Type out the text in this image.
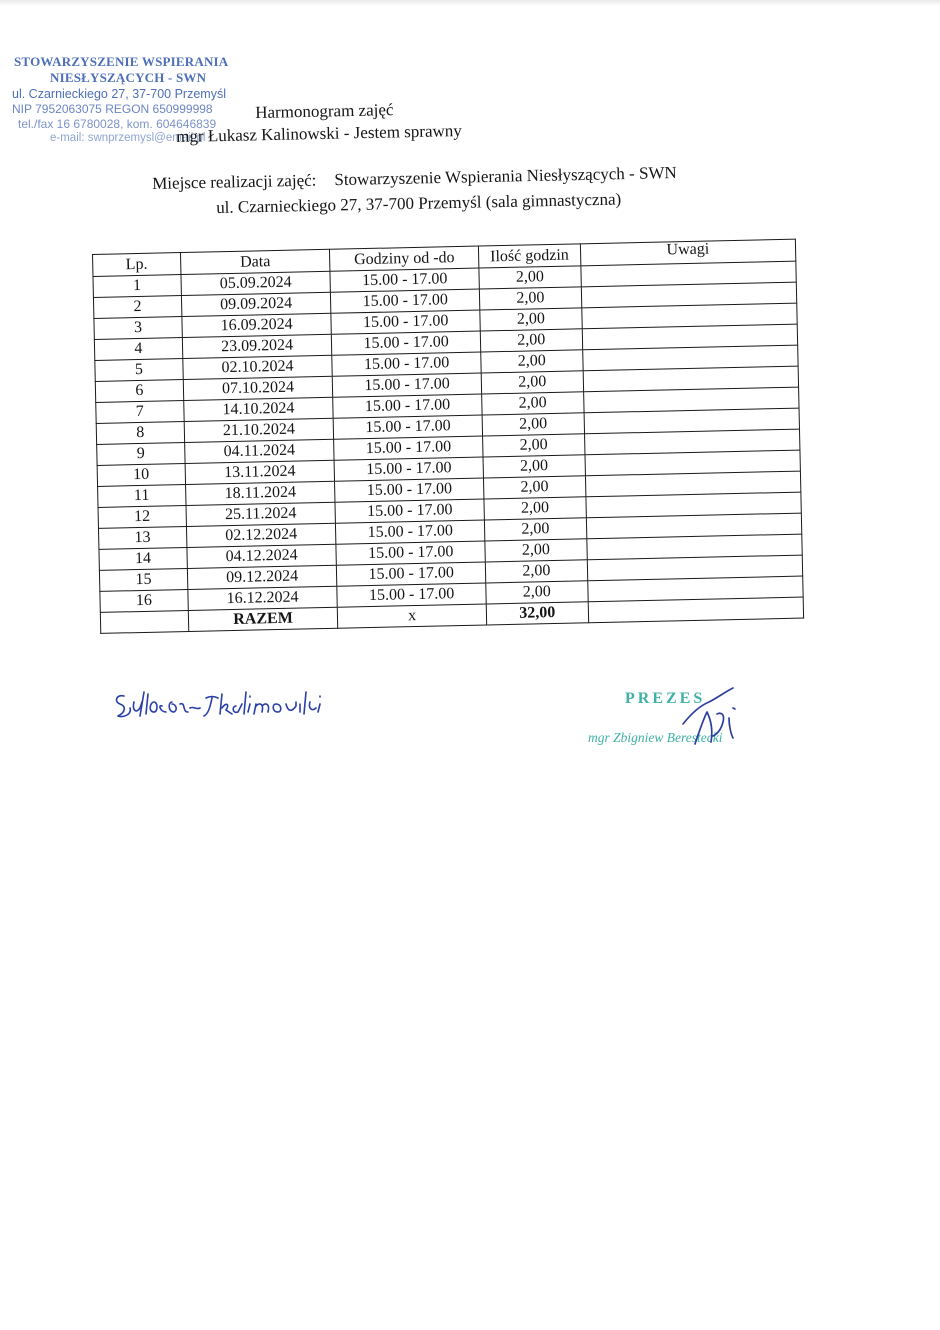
STOWARZYSZENIE WSPIERANIA
NIESŁYSZĄCYCH - SWN
ul. Czarnieckiego 27, 37-700 Przemyśl
NIP 7952063075 REGON 650999998
tel./fax 16 6780028, kom. 604646839
e-mail: swnprzemysl@email.pl
Harmonogram zajęć
mgr Łukasz Kalinowski - Jestem sprawny
Miejsce realizacji zajęć: Stowarzyszenie Wspierania Niesłyszących - SWN
ul. Czarnieckiego 27, 37-700 Przemyśl (sala gimnastyczna)
Lp.	Data	Godziny od -do	Ilość godzin	Uwagi
1	05.09.2024	15.00 - 17.00	2,00	
2	09.09.2024	15.00 - 17.00	2,00	
3	16.09.2024	15.00 - 17.00	2,00	
4	23.09.2024	15.00 - 17.00	2,00	
5	02.10.2024	15.00 - 17.00	2,00	
6	07.10.2024	15.00 - 17.00	2,00	
7	14.10.2024	15.00 - 17.00	2,00	
8	21.10.2024	15.00 - 17.00	2,00	
9	04.11.2024	15.00 - 17.00	2,00	
10	13.11.2024	15.00 - 17.00	2,00	
11	18.11.2024	15.00 - 17.00	2,00	
12	25.11.2024	15.00 - 17.00	2,00	
13	02.12.2024	15.00 - 17.00	2,00	
14	04.12.2024	15.00 - 17.00	2,00	
15	09.12.2024	15.00 - 17.00	2,00	
16	16.12.2024	15.00 - 17.00	2,00	
	RAZEM	x	32,00	
PREZES
mgr Zbigniew Berestecki
